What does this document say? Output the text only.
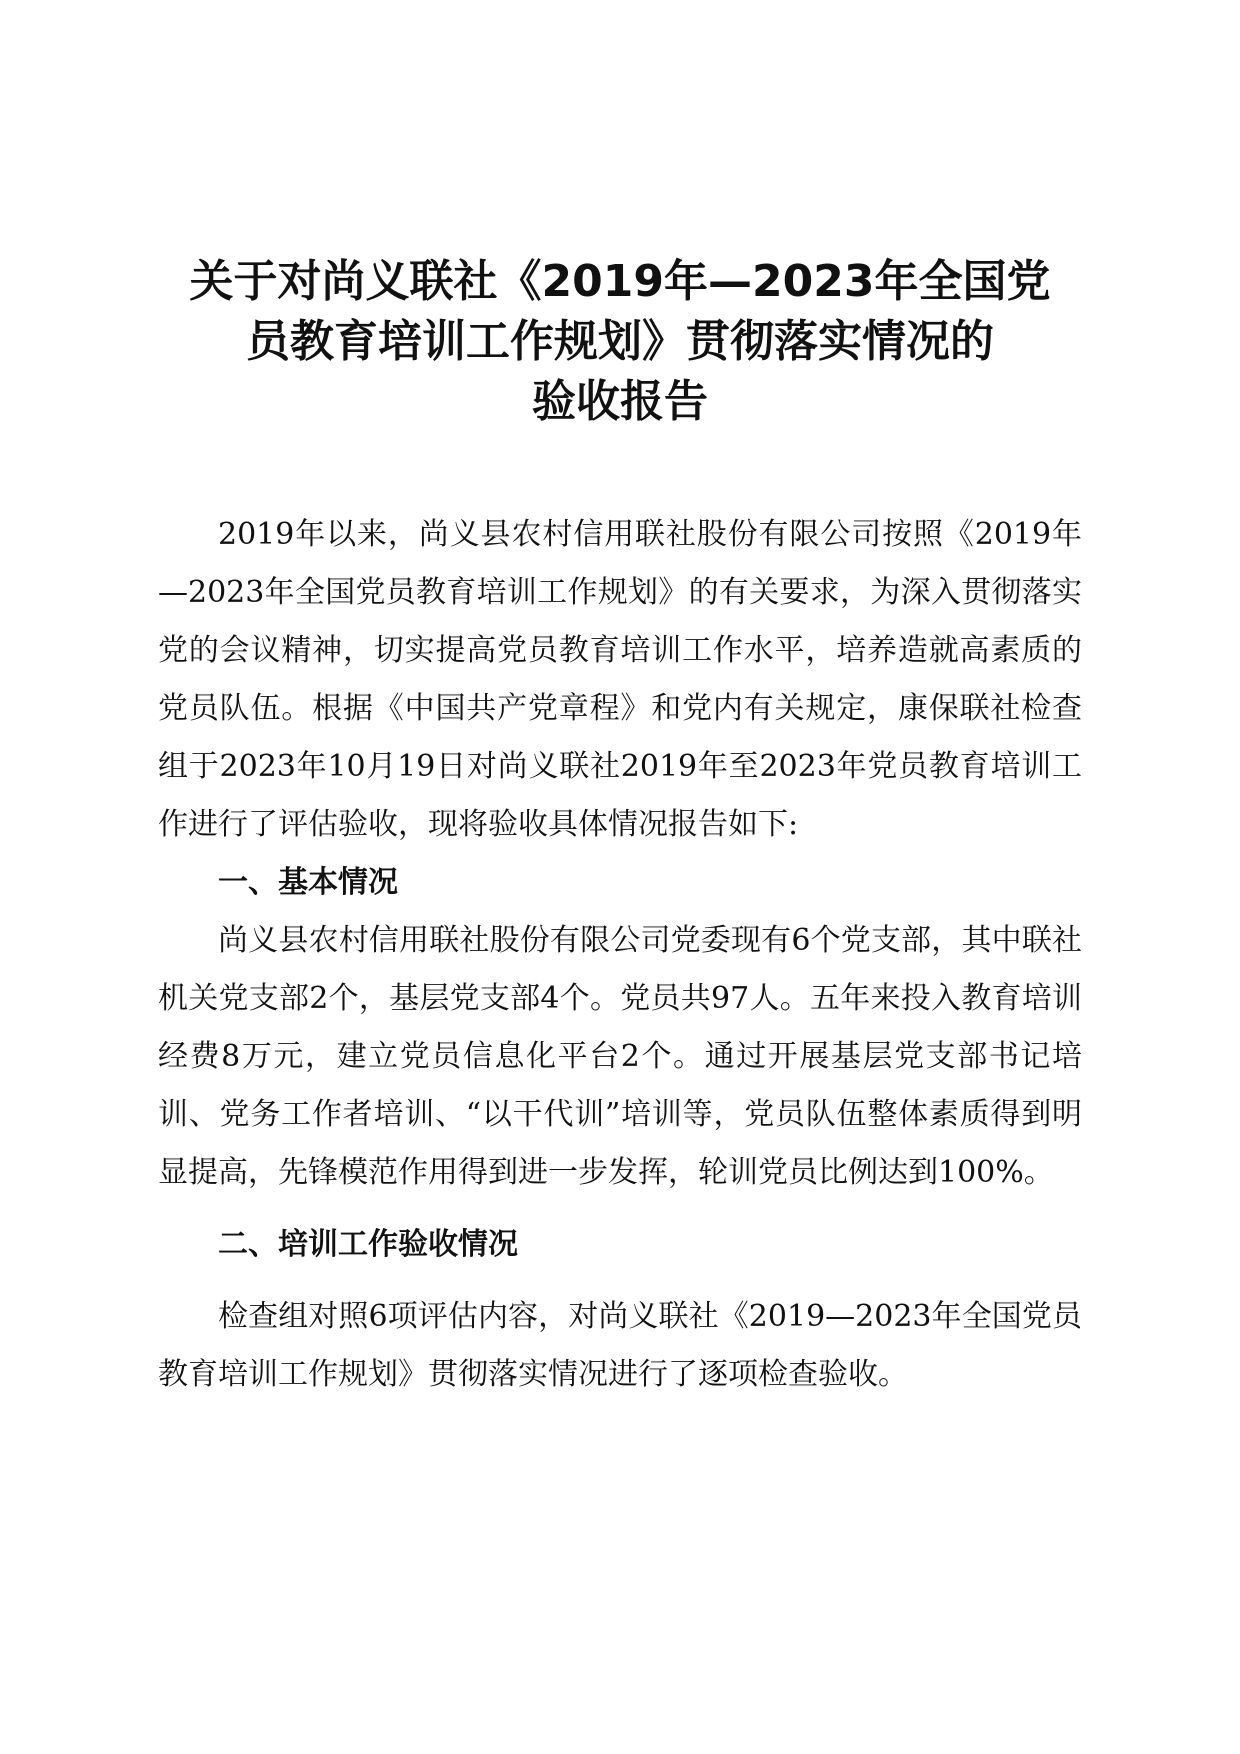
关于对尚义联社《2019年—2023年全国党
员教育培训工作规划》贯彻落实情况的
验收报告

2019年以来，尚义县农村信用联社股份有限公司按照《2019年—2023年全国党员教育培训工作规划》的有关要求，为深入贯彻落实党的会议精神，切实提高党员教育培训工作水平，培养造就高素质的党员队伍。根据《中国共产党章程》和党内有关规定，康保联社检查组于2023年10月19日对尚义联社2019年至2023年党员教育培训工作进行了评估验收，现将验收具体情况报告如下:

一、基本情况

尚义县农村信用联社股份有限公司党委现有6个党支部，其中联社机关党支部2个，基层党支部4个。党员共97人。五年来投入教育培训经费8万元，建立党员信息化平台2个。通过开展基层党支部书记培训、党务工作者培训、“以干代训”培训等，党员队伍整体素质得到明显提高，先锋模范作用得到进一步发挥，轮训党员比例达到100%。

二、培训工作验收情况

检查组对照6项评估内容，对尚义联社《2019—2023年全国党员教育培训工作规划》贯彻落实情况进行了逐项检查验收。
